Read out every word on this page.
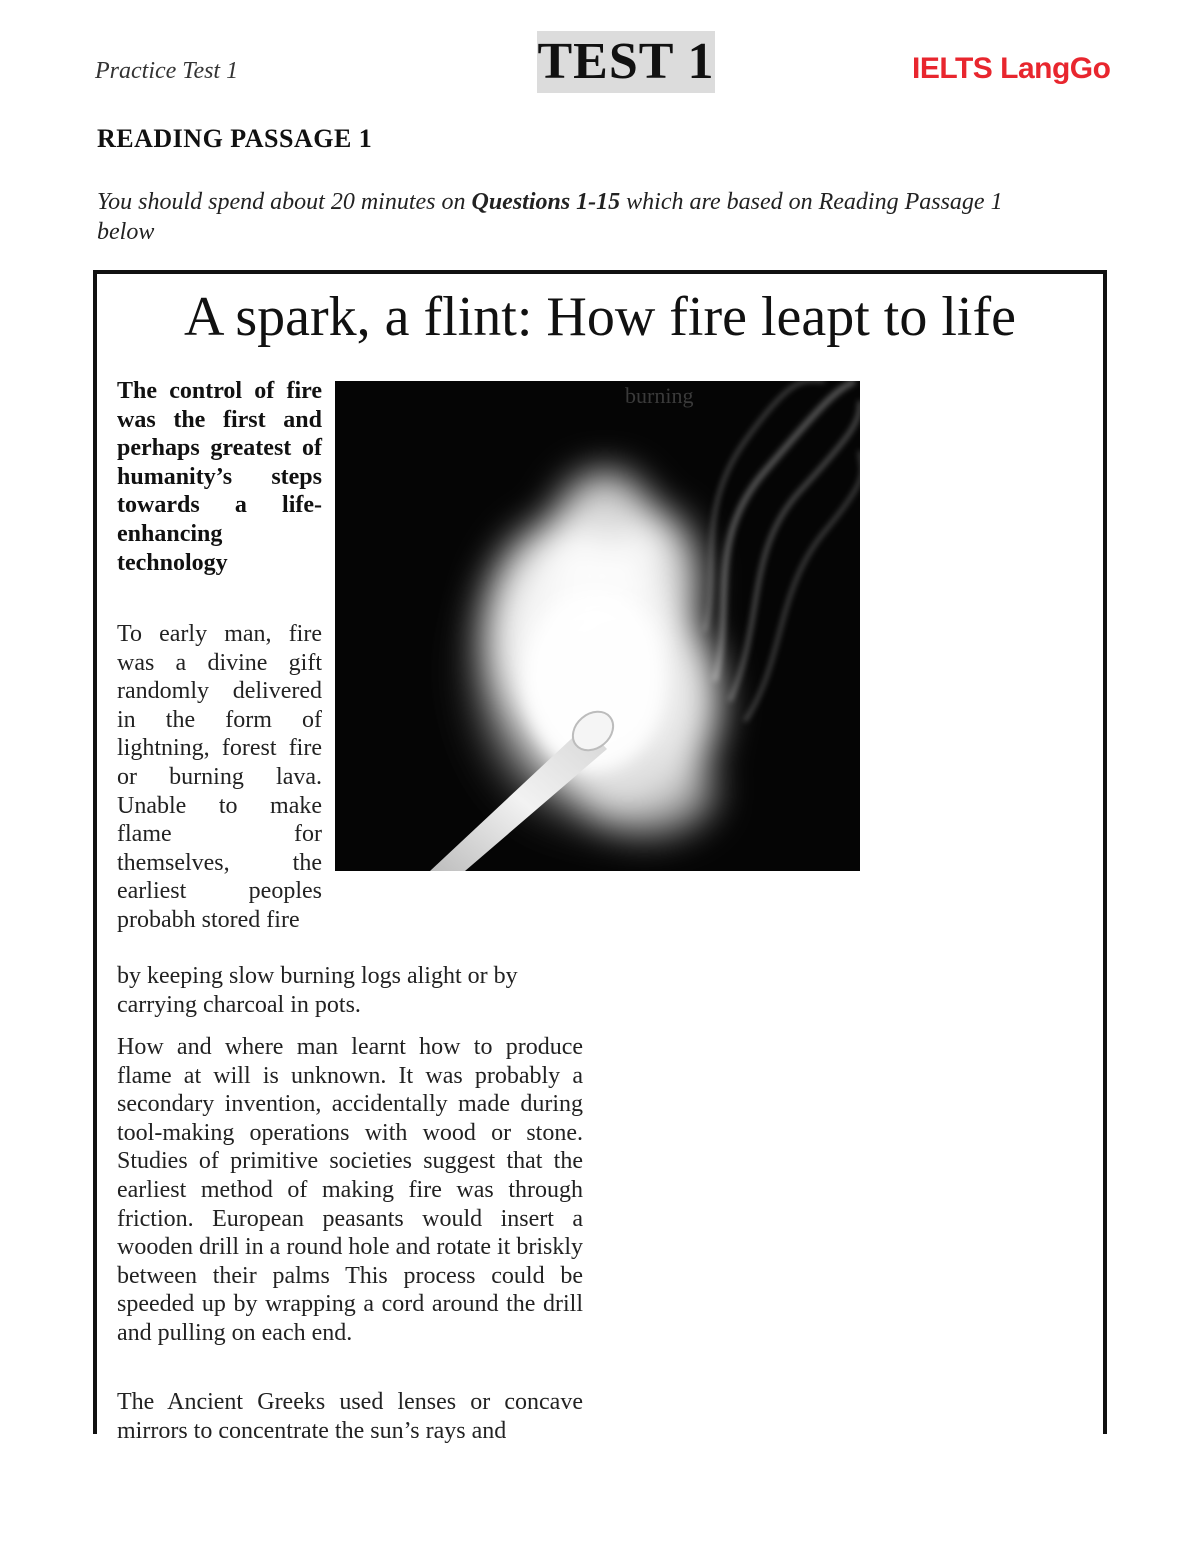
Practice Test 1	TEST 1	IELTS LangGo
READING PASSAGE 1
You should spend about 20 minutes on Questions 1-15 which are based on Reading Passage 1 below
A spark, a flint: How fire leapt to life

The control of fire was the first and perhaps greatest of humanity’s steps towards a life-enhancing technology

burning

To early man, fire was a divine gift randomly delivered in the form of lightning, forest fire or burning lava. Unable to make flame for themselves, the earliest peoples probabh stored fire

by keeping slow burning logs alight or by carrying charcoal in pots.

How and where man learnt how to produce flame at will is unknown. It was probably a secondary invention, accidentally made during tool-making operations with wood or stone. Studies of primitive societies suggest that the earliest method of making fire was through friction. European peasants would insert a wooden drill in a round hole and rotate it briskly between their palms This process could be speeded up by wrapping a cord around the drill and pulling on each end.

The Ancient Greeks used lenses or concave mirrors to concentrate the sun’s rays and
